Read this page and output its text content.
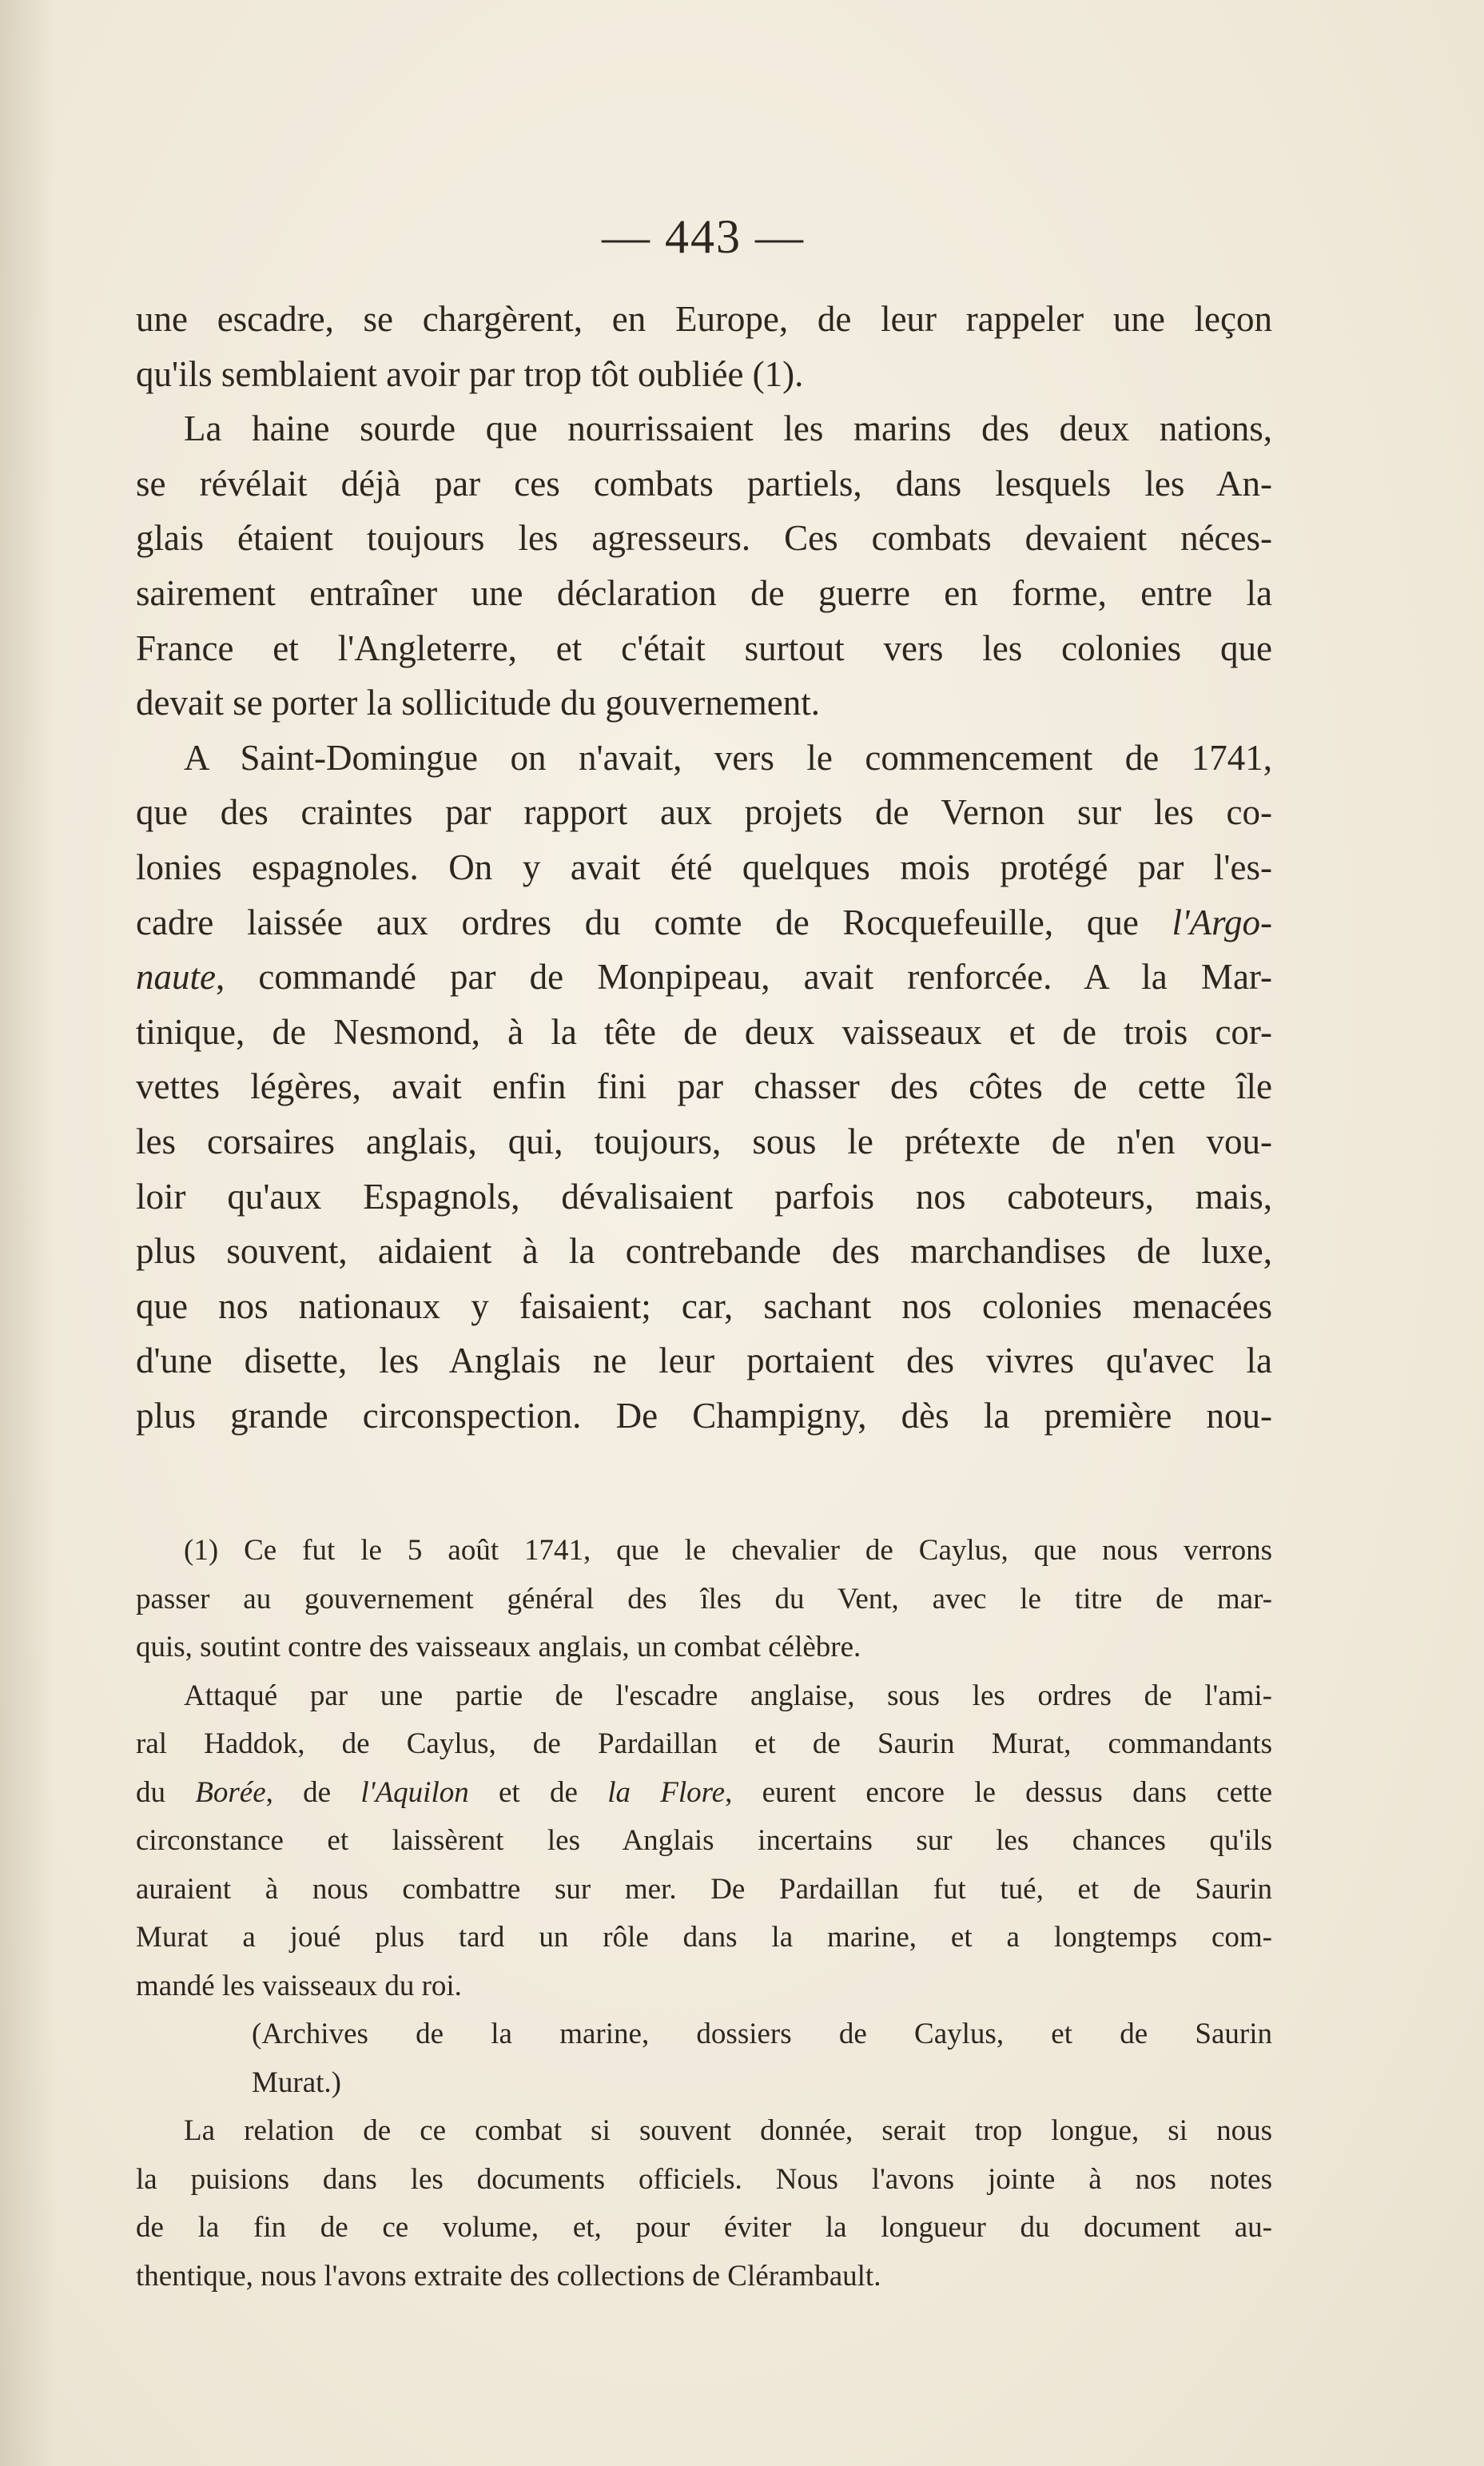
— 443 —
une escadre, se chargèrent, en Europe, de leur rappeler une leçon
qu'ils semblaient avoir par trop tôt oubliée (1).
La haine sourde que nourrissaient les marins des deux nations,
se révélait déjà par ces combats partiels, dans lesquels les An-
glais étaient toujours les agresseurs. Ces combats devaient néces-
sairement entraîner une déclaration de guerre en forme, entre la
France et l'Angleterre, et c'était surtout vers les colonies que
devait se porter la sollicitude du gouvernement.
A Saint-Domingue on n'avait, vers le commencement de 1741,
que des craintes par rapport aux projets de Vernon sur les co-
lonies espagnoles. On y avait été quelques mois protégé par l'es-
cadre laissée aux ordres du comte de Rocquefeuille, que l'Argo-
naute, commandé par de Monpipeau, avait renforcée. A la Mar-
tinique, de Nesmond, à la tête de deux vaisseaux et de trois cor-
vettes légères, avait enfin fini par chasser des côtes de cette île
les corsaires anglais, qui, toujours, sous le prétexte de n'en vou-
loir qu'aux Espagnols, dévalisaient parfois nos caboteurs, mais,
plus souvent, aidaient à la contrebande des marchandises de luxe,
que nos nationaux y faisaient; car, sachant nos colonies menacées
d'une disette, les Anglais ne leur portaient des vivres qu'avec la
plus grande circonspection. De Champigny, dès la première nou-
(1) Ce fut le 5 août 1741, que le chevalier de Caylus, que nous verrons
passer au gouvernement général des îles du Vent, avec le titre de mar-
quis, soutint contre des vaisseaux anglais, un combat célèbre.
Attaqué par une partie de l'escadre anglaise, sous les ordres de l'ami-
ral Haddok, de Caylus, de Pardaillan et de Saurin Murat, commandants
du Borée, de l'Aquilon et de la Flore, eurent encore le dessus dans cette
circonstance et laissèrent les Anglais incertains sur les chances qu'ils
auraient à nous combattre sur mer. De Pardaillan fut tué, et de Saurin
Murat a joué plus tard un rôle dans la marine, et a longtemps com-
mandé les vaisseaux du roi.
(Archives de la marine, dossiers de Caylus, et de Saurin
Murat.)
La relation de ce combat si souvent donnée, serait trop longue, si nous
la puisions dans les documents officiels. Nous l'avons jointe à nos notes
de la fin de ce volume, et, pour éviter la longueur du document au-
thentique, nous l'avons extraite des collections de Clérambault.
